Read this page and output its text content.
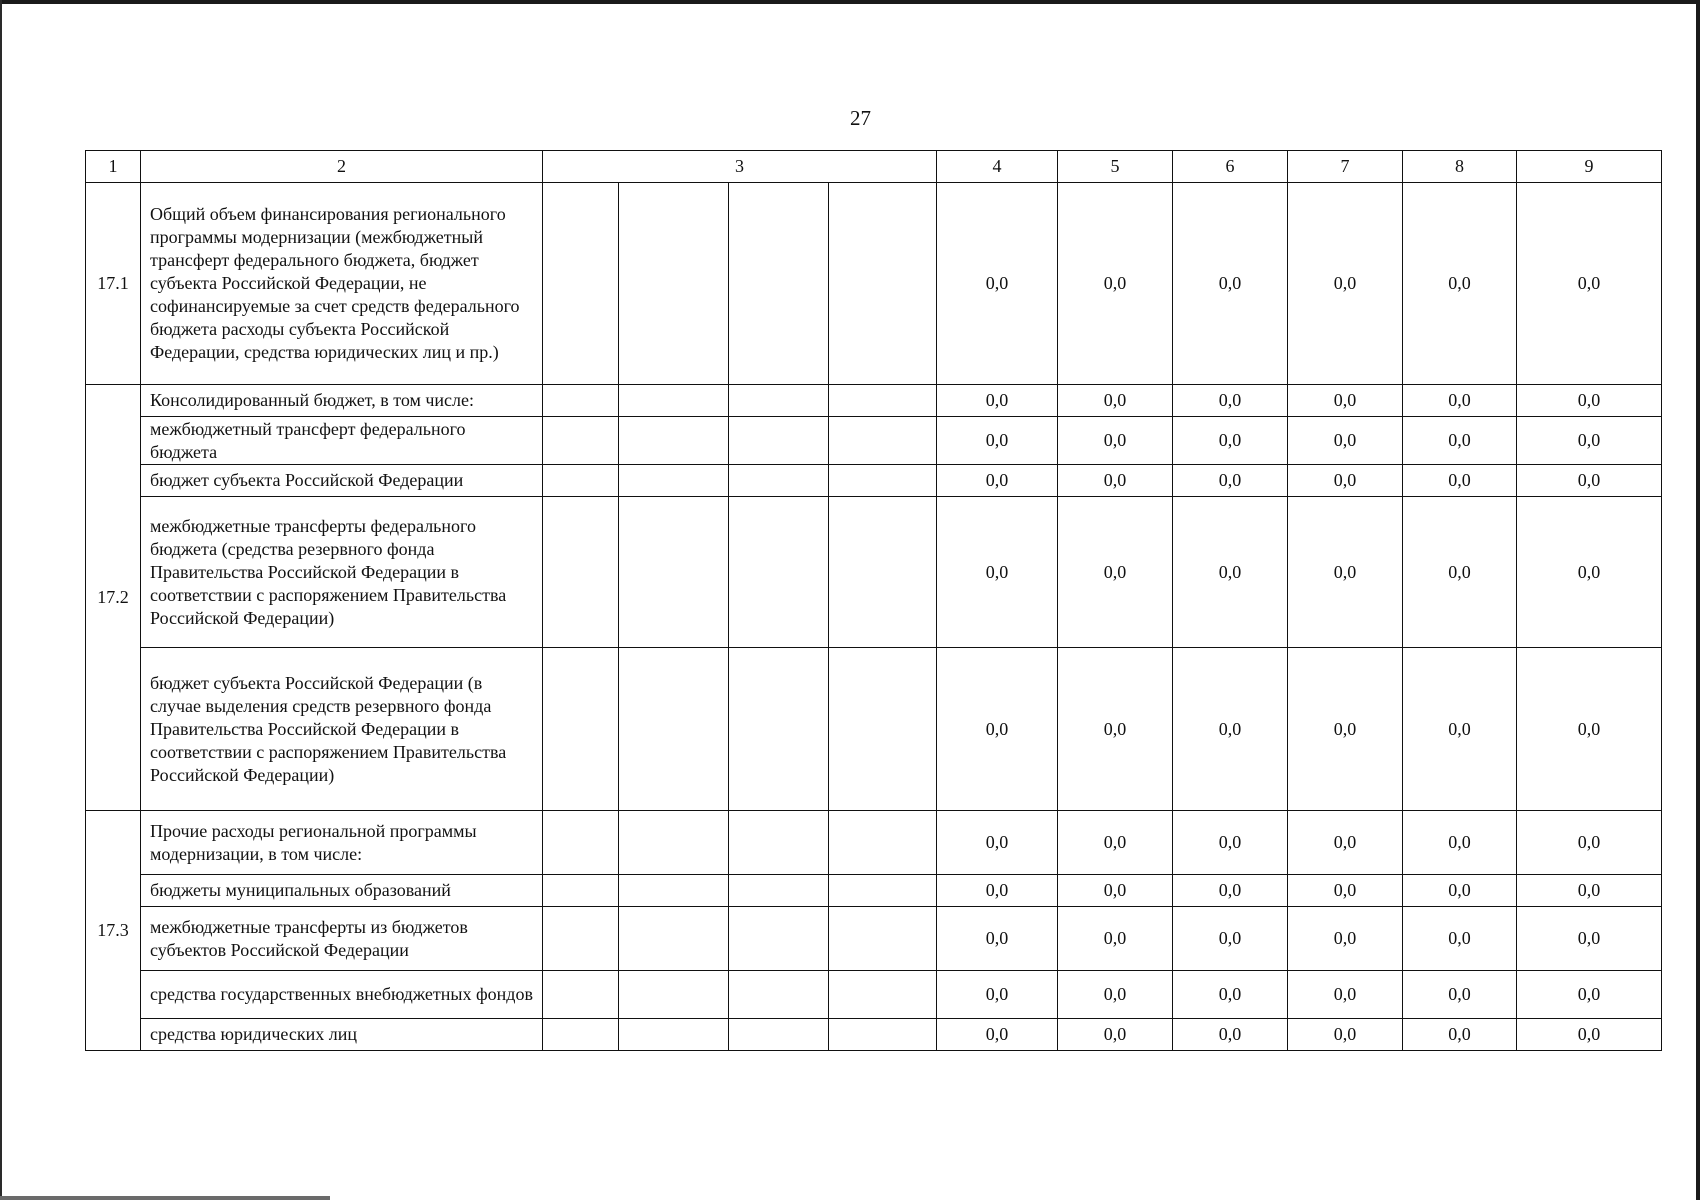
27
1	2	3				4	5	6	7	8	9
17.1	Общий объем финансирования регионального программы модернизации (межбюджетный трансферт федерального бюджета, бюджет субъекта Российской Федерации, не софинансируемые за счет средств федерального бюджета расходы субъекта Российской Федерации, средства юридических лиц и пр.)					0,0	0,0	0,0	0,0	0,0	0,0
17.2	Консолидированный бюджет, в том числе:					0,0	0,0	0,0	0,0	0,0	0,0
	межбюджетный трансферт федерального бюджета					0,0	0,0	0,0	0,0	0,0	0,0
	бюджет субъекта Российской Федерации					0,0	0,0	0,0	0,0	0,0	0,0
	межбюджетные трансферты федерального бюджета (средства резервного фонда Правительства Российской Федерации в соответствии с распоряжением Правительства Российской Федерации)					0,0	0,0	0,0	0,0	0,0	0,0
	бюджет субъекта Российской Федерации (в случае выделения средств резервного фонда Правительства Российской Федерации в соответствии с распоряжением Правительства Российской Федерации)					0,0	0,0	0,0	0,0	0,0	0,0
17.3	Прочие расходы региональной программы модернизации, в том числе:					0,0	0,0	0,0	0,0	0,0	0,0
	бюджеты муниципальных образований					0,0	0,0	0,0	0,0	0,0	0,0
	межбюджетные трансферты из бюджетов субъектов Российской Федерации					0,0	0,0	0,0	0,0	0,0	0,0
	средства государственных внебюджетных фондов					0,0	0,0	0,0	0,0	0,0	0,0
	средства юридических лиц					0,0	0,0	0,0	0,0	0,0	0,0
